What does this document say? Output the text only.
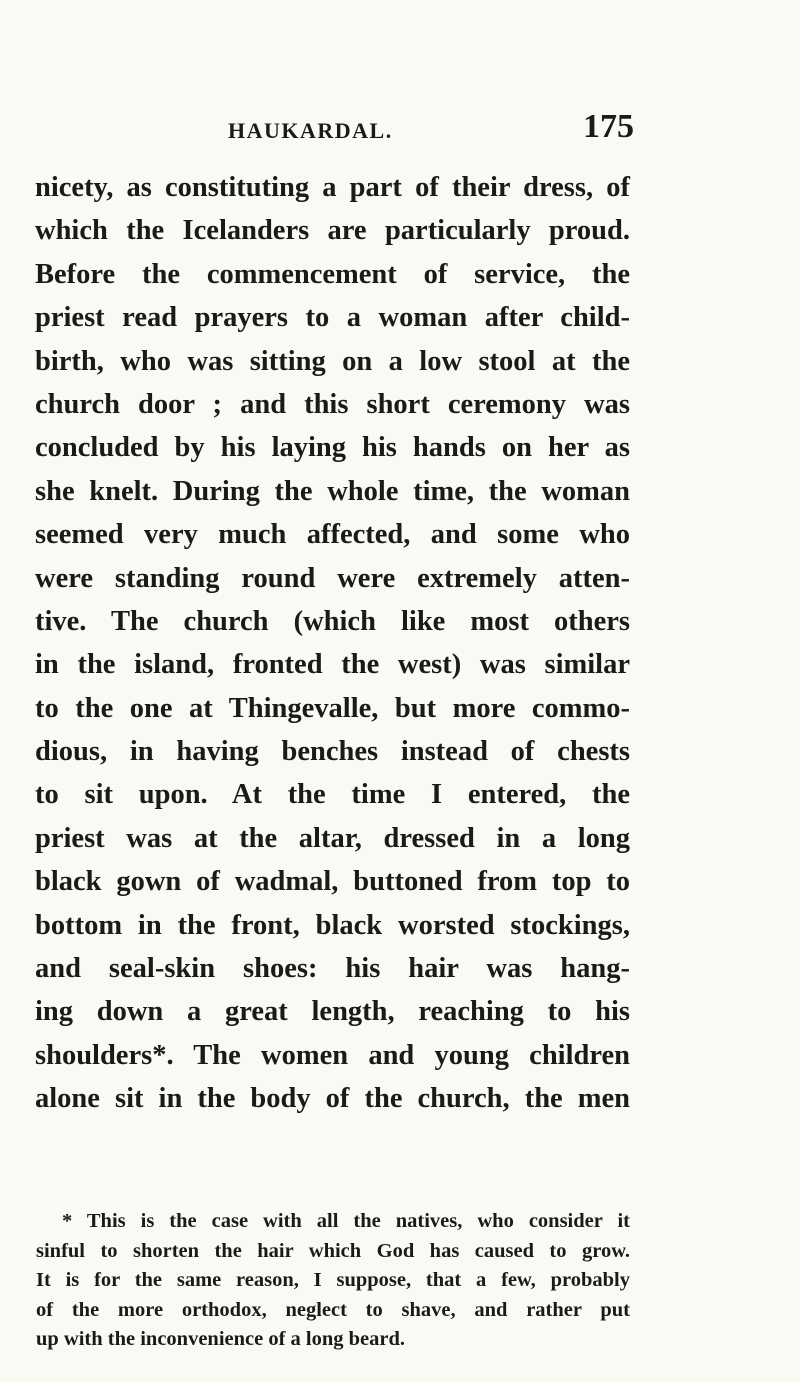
HAUKARDAL.	175
nicety, as constituting a part of their dress, of
which the Icelanders are particularly proud.
Before the commencement of service, the
priest read prayers to a woman after child-
birth, who was sitting on a low stool at the
church door ; and this short ceremony was
concluded by his laying his hands on her as
she knelt. During the whole time, the woman
seemed very much affected, and some who
were standing round were extremely atten-
tive. The church (which like most others
in the island, fronted the west) was similar
to the one at Thingevalle, but more commo-
dious, in having benches instead of chests
to sit upon. At the time I entered, the
priest was at the altar, dressed in a long
black gown of wadmal, buttoned from top to
bottom in the front, black worsted stockings,
and seal-skin shoes: his hair was hang-
ing down a great length, reaching to his
shoulders*. The women and young children
alone sit in the body of the church, the men
* This is the case with all the natives, who consider it
sinful to shorten the hair which God has caused to grow.
It is for the same reason, I suppose, that a few, probably
of the more orthodox, neglect to shave, and rather put
up with the inconvenience of a long beard.
